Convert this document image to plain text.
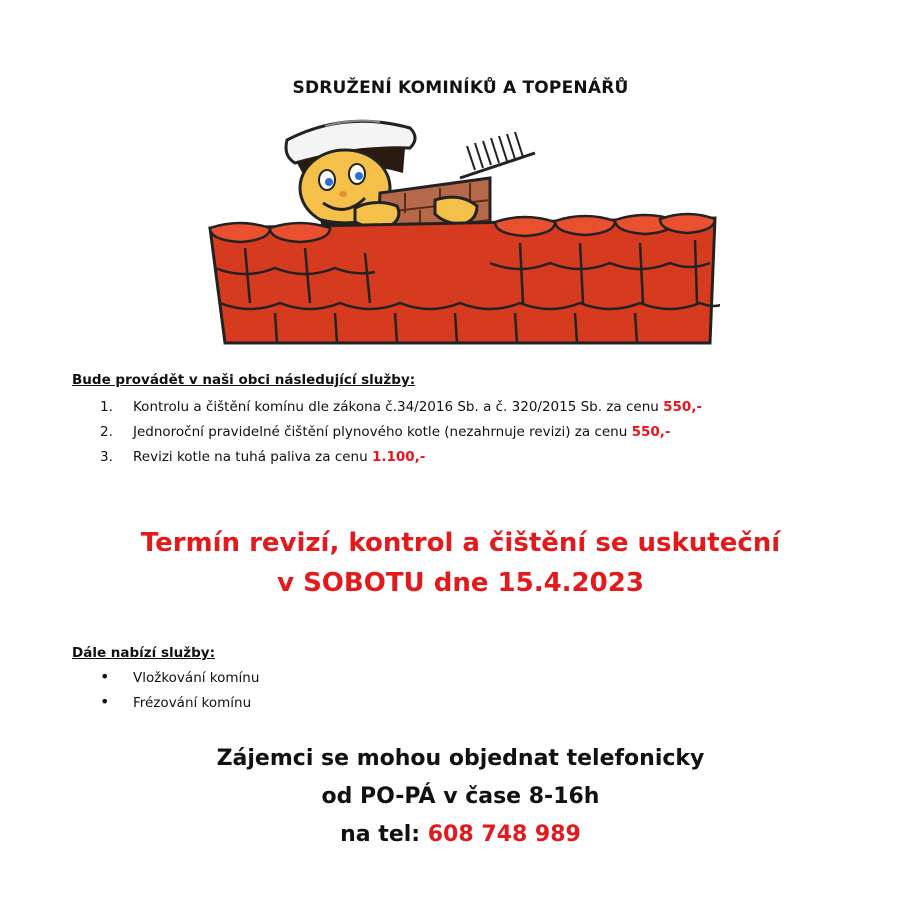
SDRUŽENÍ KOMINÍKŮ A TOPENÁŘŮ
Bude provádět v naši obci následující služby:
1. Kontrolu a čištění komínu dle zákona č.34/2016 Sb. a č. 320/2015 Sb. za cenu 550,-
2. Jednoroční pravidelné čištění plynového kotle (nezahrnuje revizi) za cenu 550,-
3. Revizi kotle na tuhá paliva za cenu 1.100,-
Termín revizí, kontrol a čištění se uskuteční
v SOBOTU dne 15.4.2023
Dále nabízí služby:
• Vložkování komínu
• Frézování komínu
Zájemci se mohou objednat telefonicky
od PO-PÁ v čase 8-16h
na tel: 608 748 989
